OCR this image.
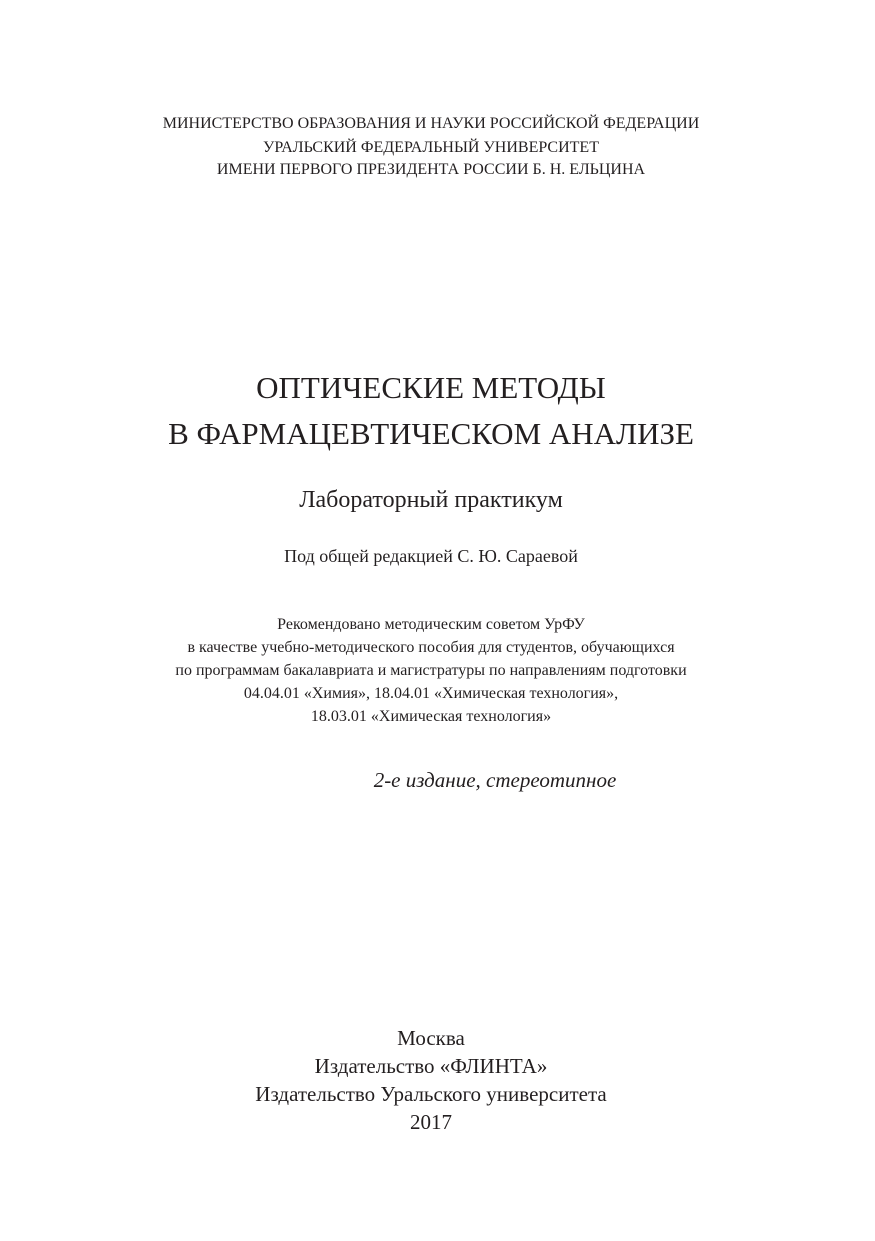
МИНИСТЕРСТВО ОБРАЗОВАНИЯ И НАУКИ РОССИЙСКОЙ ФЕДЕРАЦИИ
УРАЛЬСКИЙ ФЕДЕРАЛЬНЫЙ УНИВЕРСИТЕТ
ИМЕНИ ПЕРВОГО ПРЕЗИДЕНТА РОССИИ Б. Н. ЕЛЬЦИНА
ОПТИЧЕСКИЕ МЕТОДЫ
В ФАРМАЦЕВТИЧЕСКОМ АНАЛИЗЕ
Лабораторный практикум
Под общей редакцией С. Ю. Сараевой
Рекомендовано методическим советом УрФУ
в качестве учебно-методического пособия для студентов, обучающихся
по программам бакалавриата и магистратуры по направлениям подготовки
04.04.01 «Химия», 18.04.01 «Химическая технология»,
18.03.01 «Химическая технология»
2-е издание, стереотипное
Москва
Издательство «ФЛИНТА»
Издательство Уральского университета
2017
